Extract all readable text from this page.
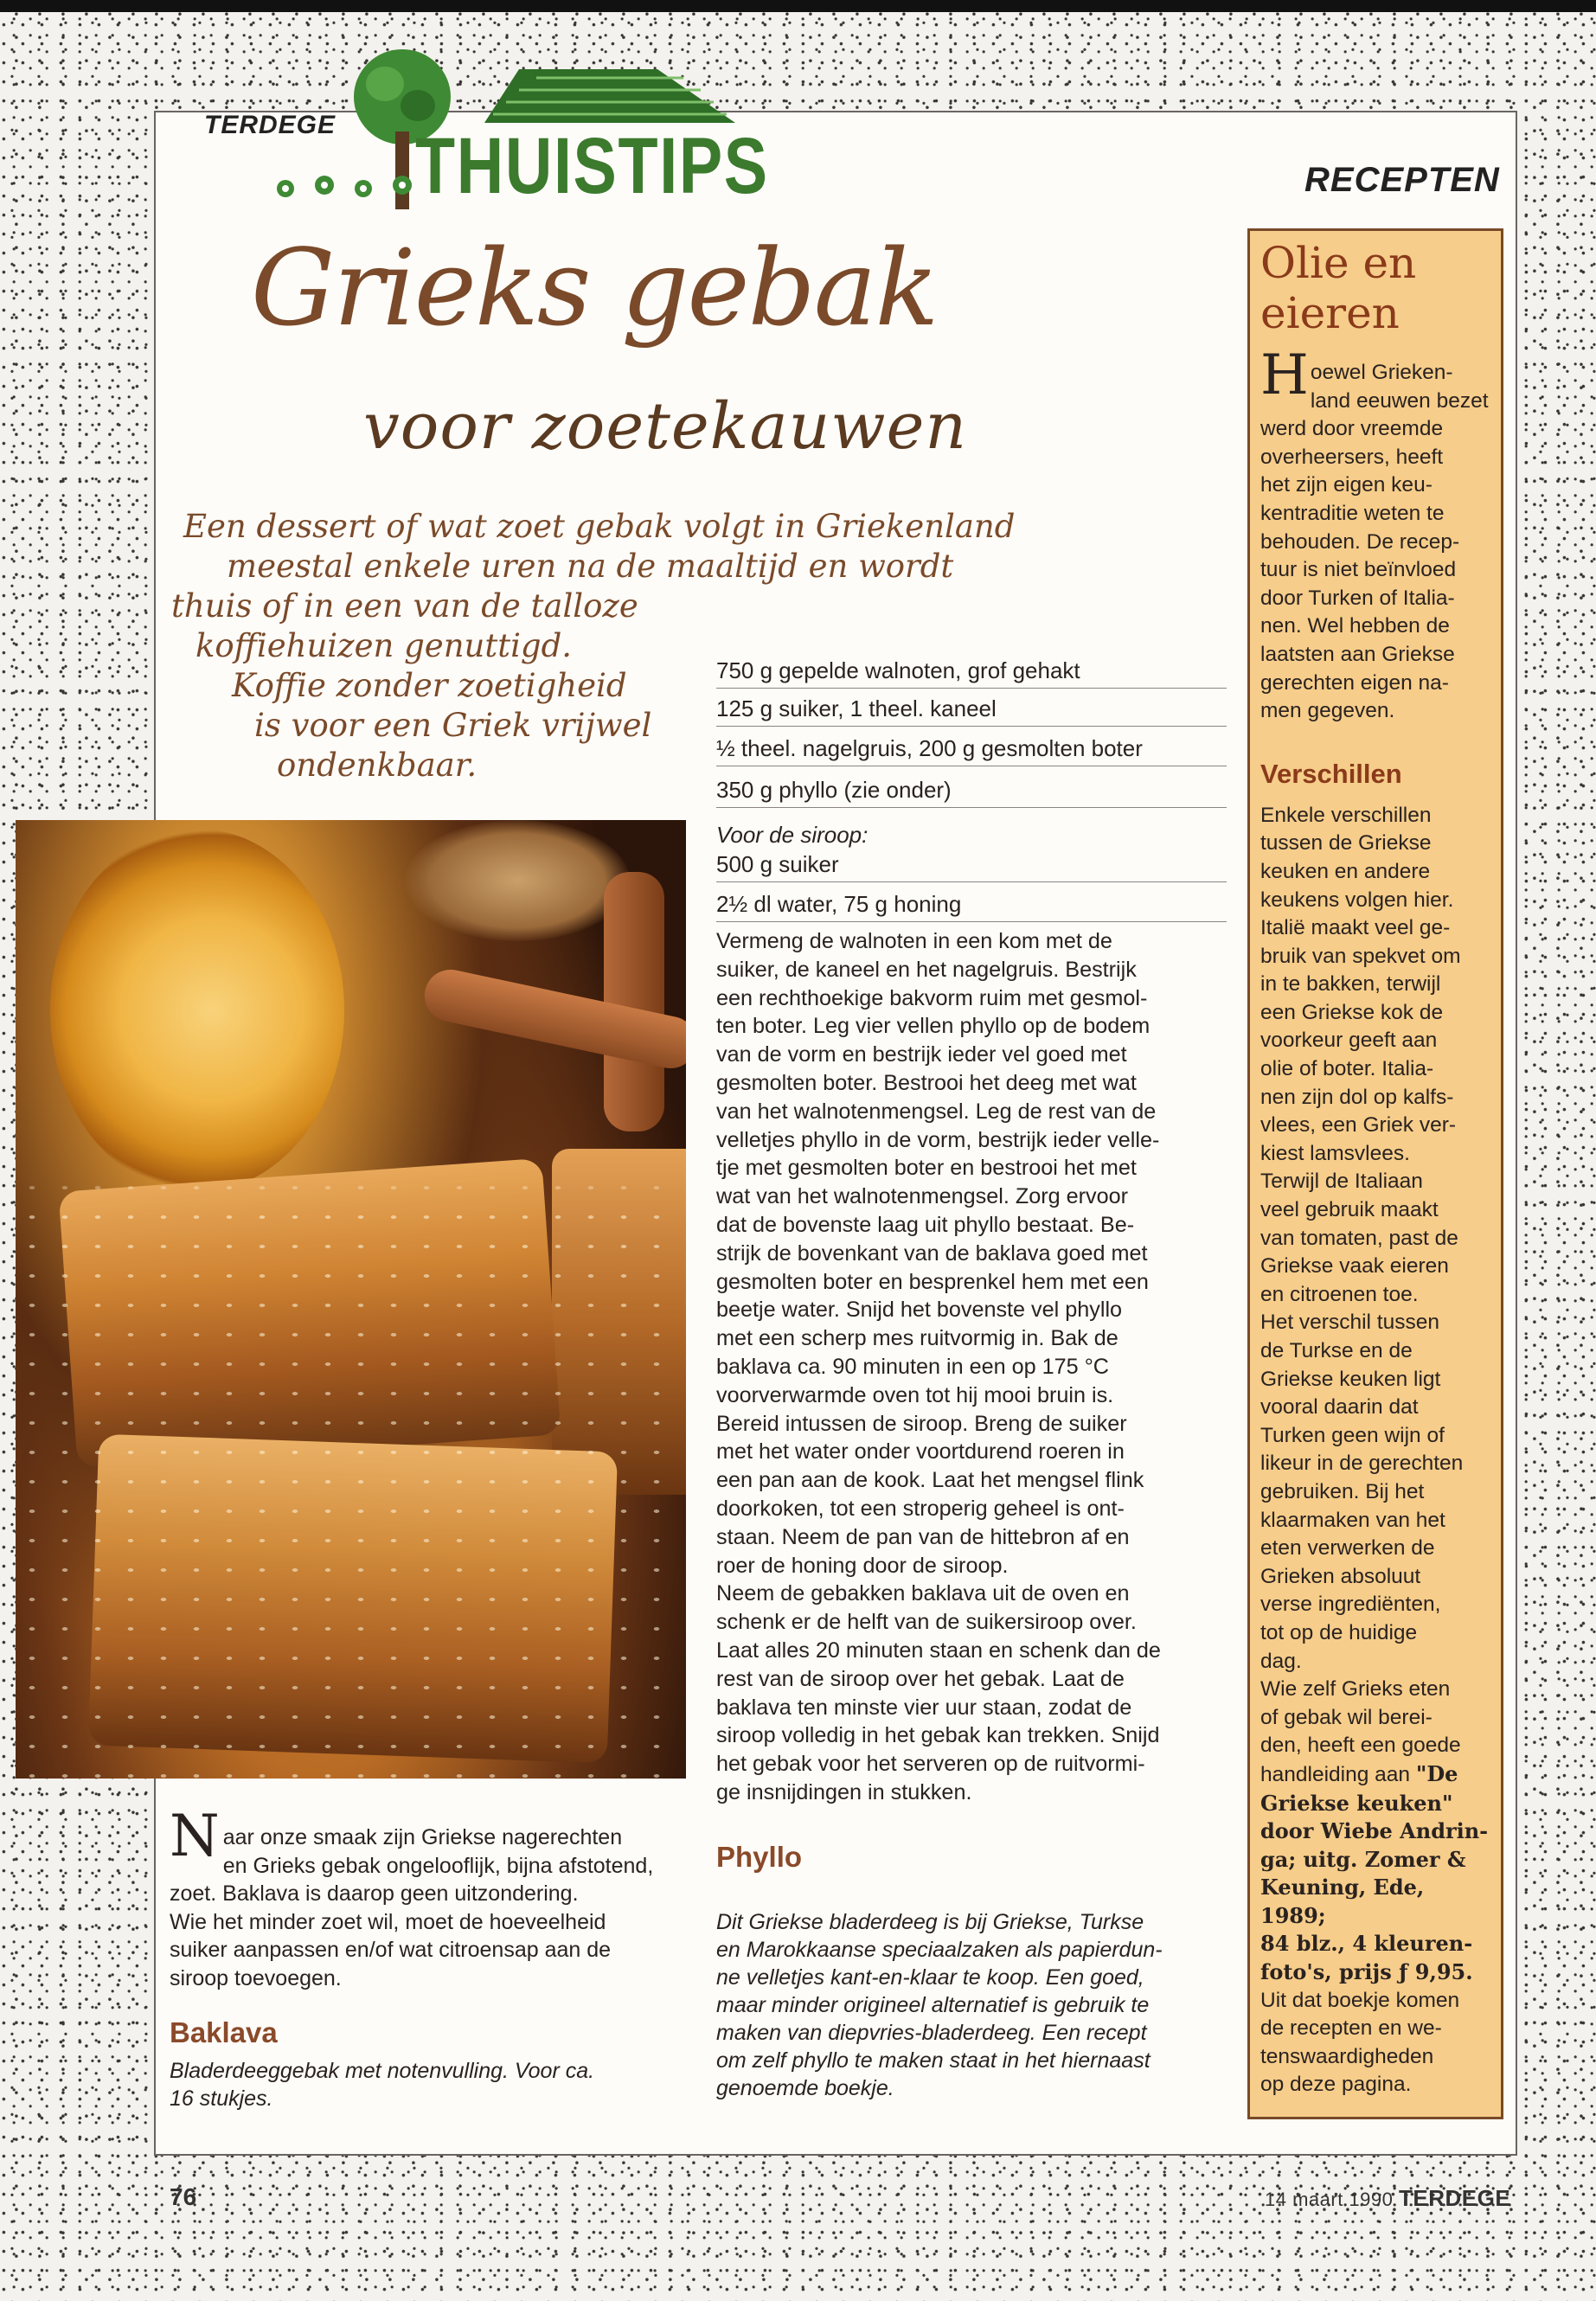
TERDEGE THUISTIPS	RECEPTEN
Grieks gebak
voor zoetekauwen
Een dessert of wat zoet gebak volgt in Griekenland
meestal enkele uren na de maaltijd en wordt
thuis of in een van de talloze
koffiehuizen genuttigd.
Koffie zonder zoetigheid
is voor een Griek vrijwel
ondenkbaar.
750 g gepelde walnoten, grof gehakt
125 g suiker, 1 theel. kaneel
½ theel. nagelgruis, 200 g gesmolten boter
350 g phyllo (zie onder)
Voor de siroop:
500 g suiker
2½ dl water, 75 g honing

Vermeng de walnoten in een kom met de

suiker, de kaneel en het nagelgruis. Bestrijk

een rechthoekige bakvorm ruim met gesmol-

ten boter. Leg vier vellen phyllo op de bodem

van de vorm en bestrijk ieder vel goed met

gesmolten boter. Bestrooi het deeg met wat

van het walnotenmengsel. Leg de rest van de

velletjes phyllo in de vorm, bestrijk ieder velle-

tje met gesmolten boter en bestrooi het met

wat van het walnotenmengsel. Zorg ervoor

dat de bovenste laag uit phyllo bestaat. Be-

strijk de bovenkant van de baklava goed met

gesmolten boter en besprenkel hem met een

beetje water. Snijd het bovenste vel phyllo

met een scherp mes ruitvormig in. Bak de

baklava ca. 90 minuten in een op 175 °C

voorverwarmde oven tot hij mooi bruin is.

Bereid intussen de siroop. Breng de suiker

met het water onder voortdurend roeren in

een pan aan de kook. Laat het mengsel flink

doorkoken, tot een stroperig geheel is ont-

staan. Neem de pan van de hittebron af en

roer de honing door de siroop.

Neem de gebakken baklava uit de oven en

schenk er de helft van de suikersiroop over.

Laat alles 20 minuten staan en schenk dan de

rest van de siroop over het gebak. Laat de

baklava ten minste vier uur staan, zodat de

siroop volledig in het gebak kan trekken. Snijd

het gebak voor het serveren op de ruitvormi-

ge insnijdingen in stukken.

Phyllo
Dit Griekse bladerdeeg is bij Griekse, Turkse
en Marokkaanse speciaalzaken als papierdun-
ne velletjes kant-en-klaar te koop. Een goed,
maar minder origineel alternatief is gebruik te
maken van diepvries-bladerdeeg. Een recept
om zelf phyllo te maken staat in het hiernaast
genoemde boekje.
N aar onze smaak zijn Griekse nagerechten
en Grieks gebak ongelooflijk, bijna afstotend,
zoet. Baklava is daarop geen uitzondering.
Wie het minder zoet wil, moet de hoeveelheid
suiker aanpassen en/of wat citroensap aan de
siroop toevoegen.
Baklava
Bladerdeeggebak met notenvulling. Voor ca.
16 stukjes.
Olie en
eieren
H oewel Grieken-

land eeuwen bezet

werd door vreemde

overheersers, heeft

het zijn eigen keu-

kentraditie weten te

behouden. De recep-

tuur is niet beïnvloed

door Turken of Italia-

nen. Wel hebben de

laatsten aan Griekse

gerechten eigen na-

men gegeven.

Verschillen

Enkele verschillen

tussen de Griekse

keuken en andere

keukens volgen hier.

Italië maakt veel ge-

bruik van spekvet om

in te bakken, terwijl

een Griekse kok de

voorkeur geeft aan

olie of boter. Italia-

nen zijn dol op kalfs-

vlees, een Griek ver-

kiest lamsvlees.

Terwijl de Italiaan

veel gebruik maakt

van tomaten, past de

Griekse vaak eieren

en citroenen toe.

Het verschil tussen

de Turkse en de

Griekse keuken ligt

vooral daarin dat

Turken geen wijn of

likeur in de gerechten

gebruiken. Bij het

klaarmaken van het

eten verwerken de

Grieken absoluut

verse ingrediënten,

tot op de huidige

dag.

Wie zelf Grieks eten

of gebak wil berei-

den, heeft een goede

handleiding aan "De

Griekse keuken"

door Wiebe Andrin-

ga; uitg. Zomer &

Keuning, Ede, 1989;

84 blz., 4 kleuren-

foto's, prijs ƒ 9,95.

Uit dat boekje komen

de recepten en we-

tenswaardigheden

op deze pagina.

76	14 maart 1990 TERDEGE
